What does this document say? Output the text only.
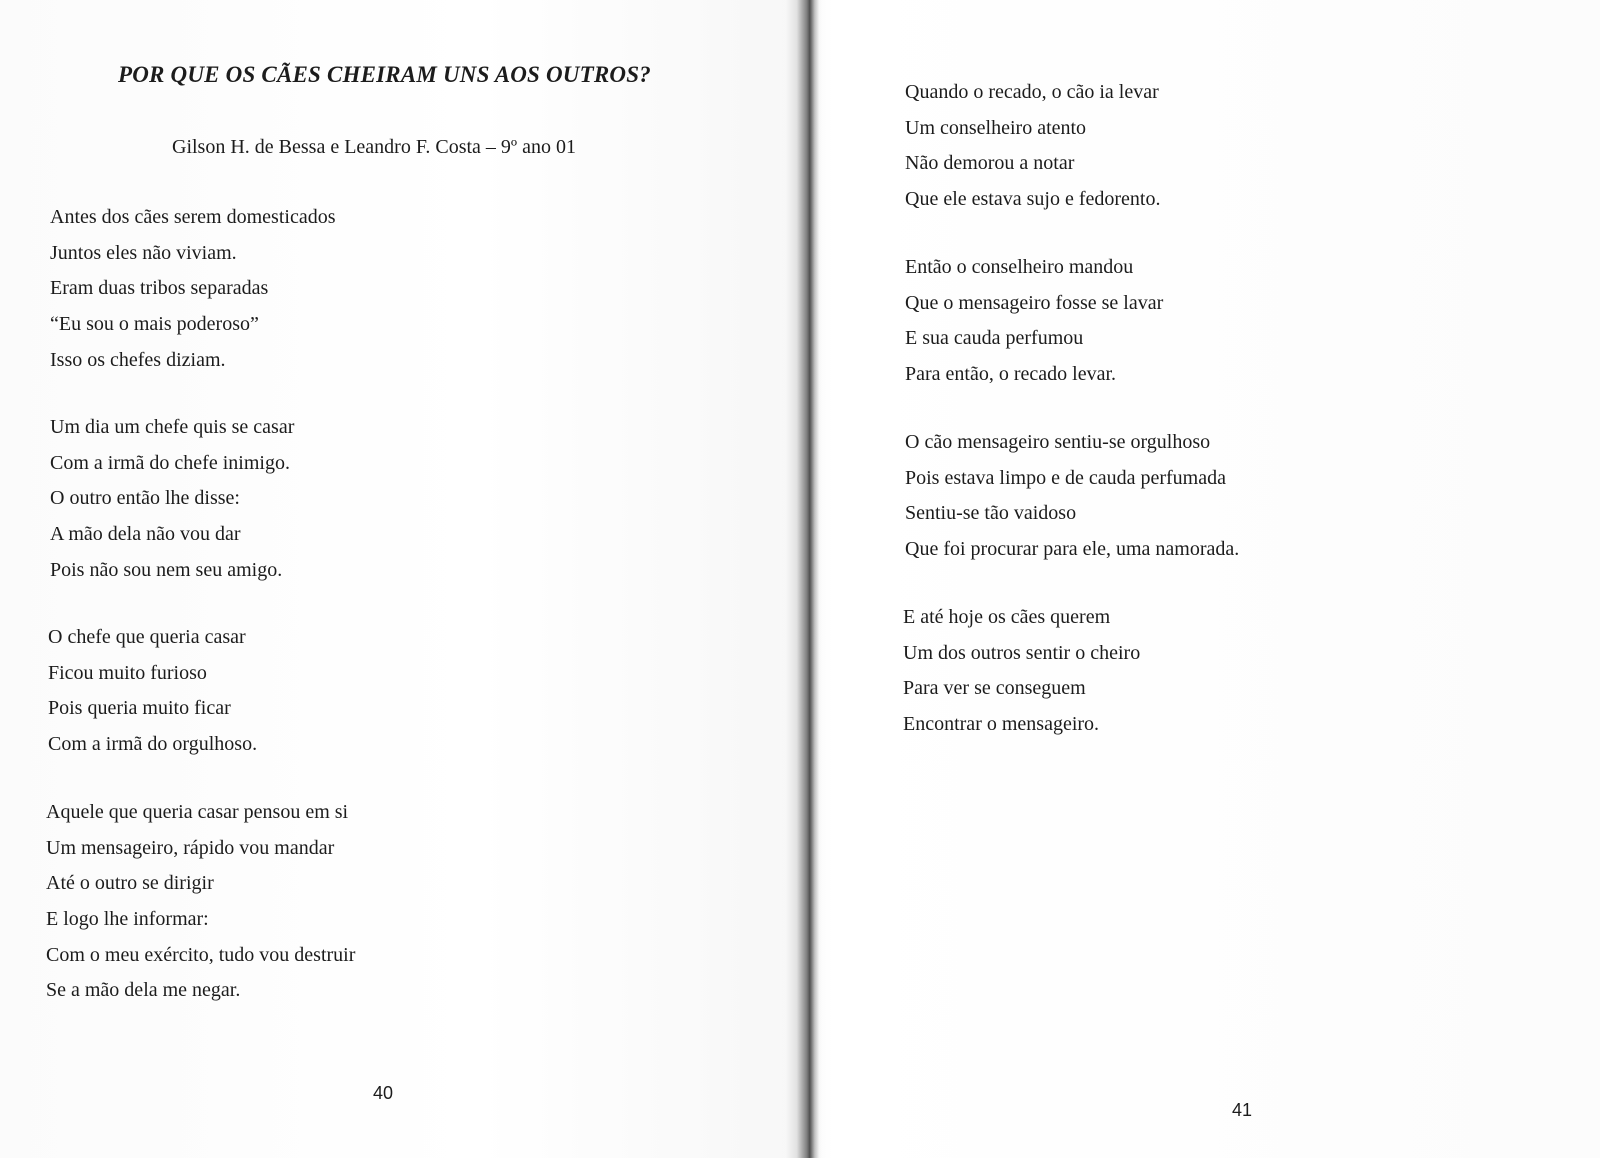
POR QUE OS CÃES CHEIRAM UNS AOS OUTROS?

Gilson H. de Bessa e Leandro F. Costa – 9º ano 01

Antes dos cães serem domesticados
Juntos eles não viviam.
Eram duas tribos separadas
“Eu sou o mais poderoso”
Isso os chefes diziam.
Um dia um chefe quis se casar
Com a irmã do chefe inimigo.
O outro então lhe disse:
A mão dela não vou dar
Pois não sou nem seu amigo.
O chefe que queria casar
Ficou muito furioso
Pois queria muito ficar
Com a irmã do orgulhoso.
Aquele que queria casar pensou em si
Um mensageiro, rápido vou mandar
Até o outro se dirigir
E logo lhe informar:
Com o meu exército, tudo vou destruir
Se a mão dela me negar.

40

Quando o recado, o cão ia levar
Um conselheiro atento
Não demorou a notar
Que ele estava sujo e fedorento.
Então o conselheiro mandou
Que o mensageiro fosse se lavar
E sua cauda perfumou
Para então, o recado levar.
O cão mensageiro sentiu-se orgulhoso
Pois estava limpo e de cauda perfumada
Sentiu-se tão vaidoso
Que foi procurar para ele, uma namorada.
E até hoje os cães querem
Um dos outros sentir o cheiro
Para ver se conseguem
Encontrar o mensageiro.

41
